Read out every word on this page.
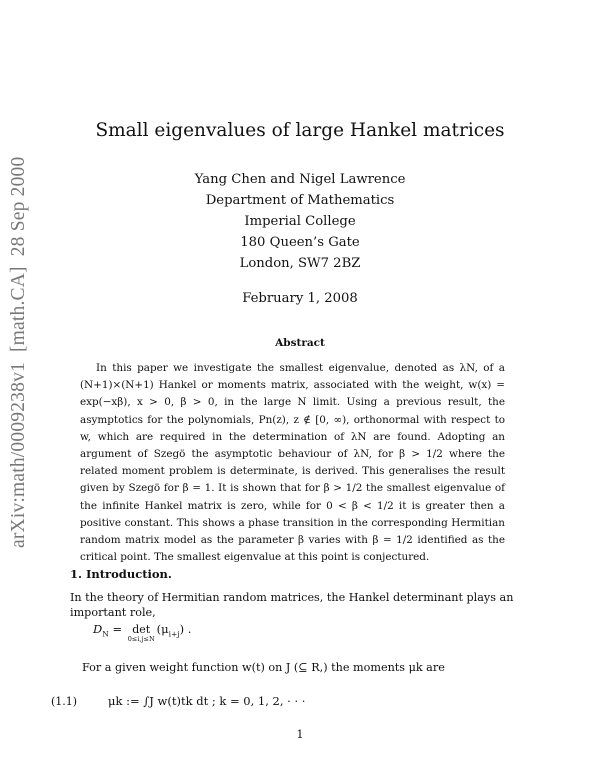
arXiv:math/0009238v1[math.CA]28 Sep 2000
Small eigenvalues of large Hankel matrices
Yang Chen and Nigel Lawrence
Department of Mathematics
Imperial College
180 Queen’s Gate
London, SW7 2BZ
February 1, 2008
Abstract
In this paper we investigate the smallest eigenvalue, denoted as λN, of a (N+1)×(N+1) Hankel or moments matrix, associated with the weight, w(x) = exp(−xβ), x > 0, β > 0, in the large N limit. Using a previous result, the asymptotics for the polynomials, Pn(z), z ∉ [0, ∞), orthonormal with respect to w, which are required in the determination of λN are found. Adopting an argument of Szegö the asymptotic behaviour of λN, for β > 1/2 where the related moment problem is determinate, is derived. This generalises the result given by Szegö for β = 1. It is shown that for β > 1/2 the smallest eigenvalue of the infinite Hankel matrix is zero, while for 0 < β < 1/2 it is greater then a positive constant. This shows a phase transition in the corresponding Hermitian random matrix model as the parameter β varies with β = 1/2 identified as the critical point. The smallest eigenvalue at this point is conjectured.
1. Introduction.
In the theory of Hermitian random matrices, the Hankel determinant plays an important role,
$D_N = \det$
0≤i,j≤N
$(\mu_{i+j})$ .
For a given weight function w(t) on J (⊆ R,) the moments μk are
(1.1)	μk := ∫J w(t)tk dt ; k = 0, 1, 2, · · ·
1
